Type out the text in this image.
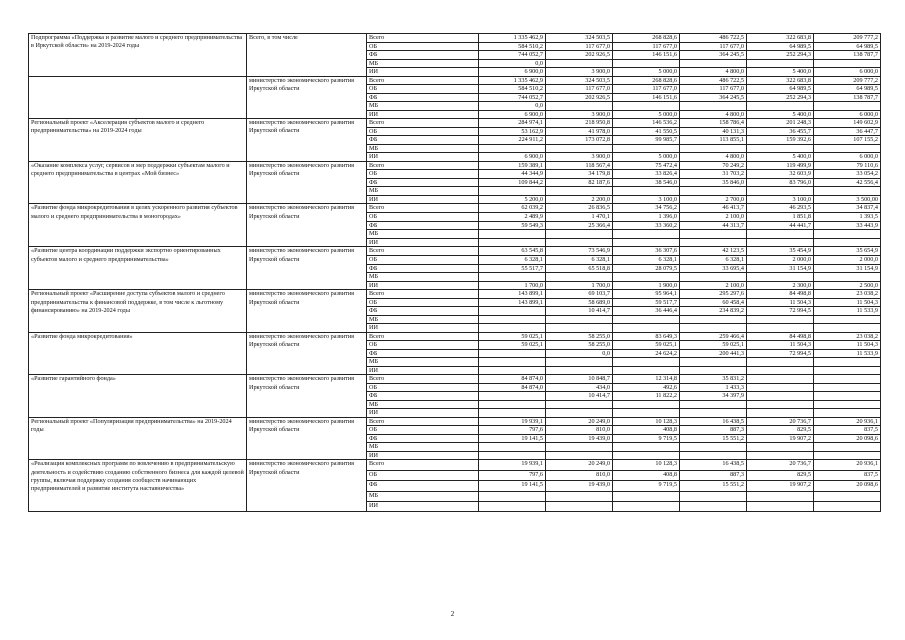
Подпрограмма «Поддержка и развитие малого и среднего предпринимательства в Иркутской области» на 2019-2024 годы	Всего, в том числе	Всего	1 335 462,9	324 503,5	268 828,6	486 722,5	322 683,8	209 777,2
		ОБ	584 510,2	117 677,0	117 677,0	117 677,0	64 989,5	64 989,5
		ФБ	744 052,7	202 926,5	146 151,6	364 245,5	252 294,3	138 787,7
		МБ	0,0					
		ИИ	6 900,0	3 900,0	5 000,0	4 800,0	5 400,0	6 000,0
	министерство экономического развития Иркутской области	Всего	1 335 462,9	324 503,5	268 828,6	486 722,5	322 683,8	209 777,2
		ОБ	584 510,2	117 677,0	117 677,0	117 677,0	64 989,5	64 989,5
		ФБ	744 052,7	202 926,5	146 151,6	364 245,5	252 294,3	138 787,7
		МБ	0,0					
		ИИ	6 900,0	3 900,0	5 000,0	4 800,0	5 400,0	6 000,0
Региональный проект «Акселерация субъектов малого и среднего предпринимательства» на 2019-2024 годы	министерство экономического развития Иркутской области	Всего	284 974,1	218 950,8	146 536,2	158 786,4	201 248,3	149 602,9
		ОБ	53 162,9	41 978,0	41 550,5	40 131,3	36 455,7	36 447,7
		ФБ	224 911,2	173 072,8	99 985,7	113 855,1	159 392,6	107 155,2
		МБ						
		ИИ	6 900,0	3 900,0	5 000,0	4 800,0	5 400,0	6 000,0
«Оказание комплекса услуг, сервисов и мер поддержки субъектам малого и среднего предпринимательства в центрах «Мой бизнес»	министерство экономического развития Иркутской области	Всего	159 389,1	118 567,4	75 472,4	70 249,2	119 499,9	79 110,6
		ОБ	44 344,9	34 179,8	33 826,4	31 703,2	32 603,9	33 054,2
		ФБ	109 844,2	82 187,6	38 546,0	35 846,0	83 796,0	42 556,4
		МБ						
		ИИ	5 200,0	2 200,0	3 100,0	2 700,0	3 100,0	3 500,00
«Развитие фонда микрокредитования в целях ускоренного развития субъектов малого и среднего предпринимательства в моногородах»	министерство экономического развития Иркутской области	Всего	62 039,2	26 836,5	34 756,2	46 413,7	46 293,5	34 837,4
		ОБ	2 489,9	1 470,1	1 396,0	2 100,0	1 851,8	1 393,5
		ФБ	59 549,3	25 366,4	33 360,2	44 313,7	44 441,7	33 443,9
		МБ						
		ИИ						
«Развитие центра координации поддержки экспортно ориентированных субъектов малого и среднего предпринимательства»	министерство экономического развития Иркутской области	Всего	63 545,8	73 546,9	36 307,6	42 123,5	35 454,9	35 654,9
		ОБ	6 328,1	6 328,1	6 328,1	6 328,1	2 000,0	2 000,0
		ФБ	55 517,7	65 518,8	28 079,5	33 695,4	31 154,9	31 154,9
		МБ						
		ИИ	1 700,0	1 700,0	1 900,0	2 100,0	2 300,0	2 500,0
Региональный проект «Расширение доступа субъектов малого и среднего предпринимательства к финансовой поддержке, в том числе к льготному финансированию» на 2019-2024 годы	министерство экономического развития Иркутской области	Всего	143 899,1	69 103,7	95 964,1	295 297,6	84 498,8	23 038,2
		ОБ	143 899,1	58 689,0	59 517,7	60 458,4	11 504,3	11 504,3
		ФБ		10 414,7	36 446,4	234 839,2	72 994,5	11 533,9
		МБ						
		ИИ						
«Развитие фонда микрокредитования»	министерство экономического развития Иркутской области	Всего	59 025,1	58 255,0	83 649,3	259 466,4	84 498,8	23 038,2
		ОБ	59 025,1	58 255,0	59 025,1	59 025,1	11 504,3	11 504,3
		ФБ		0,0	24 624,2	200 441,3	72 994,5	11 533,9
		МБ						
		ИИ						
«Развитие гарантийного фонда»	министерство экономического развития Иркутской области	Всего	84 874,0	10 848,7	12 314,8	35 831,2		
		ОБ	84 874,0	434,0	492,6	1 433,3		
		ФБ		10 414,7	11 822,2	34 397,9		
		МБ						
		ИИ						
Региональный проект «Популяризация предпринимательства» на 2019-2024 годы	министерство экономического развития Иркутской области	Всего	19 939,1	20 249,0	10 128,3	16 438,5	20 736,7	20 936,1
		ОБ	797,6	810,0	408,8	887,3	829,5	837,5
		ФБ	19 141,5	19 439,0	9 719,5	15 551,2	19 907,2	20 098,6
		МБ						
		ИИ						
«Реализация комплексных программ по вовлечению в предпринимательскую деятельность и содействию созданию собственного бизнеса для каждой целевой группы, включая поддержку создания сообществ начинающих предпринимателей и развитие института наставничества»	министерство экономического развития Иркутской области	Всего	19 939,1	20 249,0	10 128,3	16 438,5	20 736,7	20 936,1
		ОБ	797,6	810,0	408,8	887,3	829,5	837,5
		ФБ	19 141,5	19 439,0	9 719,5	15 551,2	19 907,2	20 098,6
		МБ						
		ИИ						
2
